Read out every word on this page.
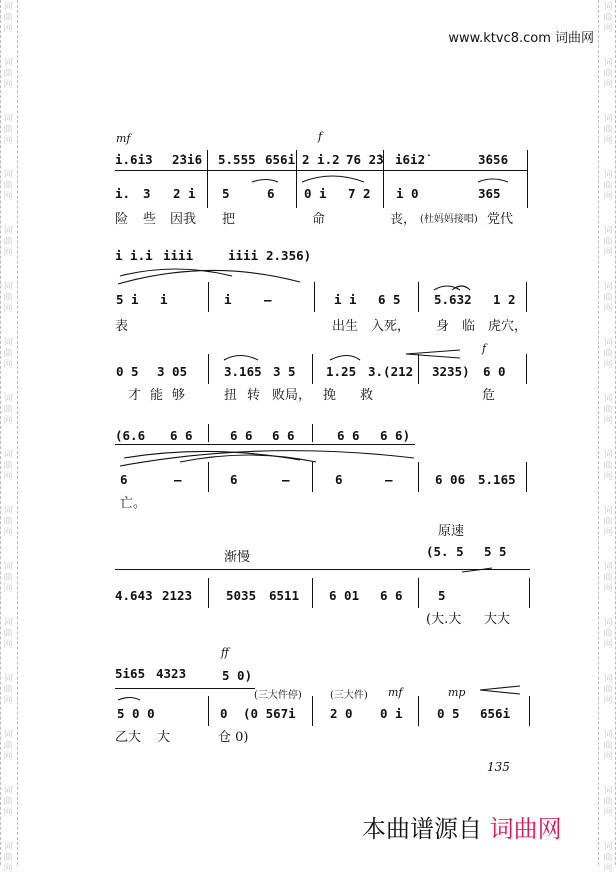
词
曲
网
词
曲
网
词
曲
网
词
曲
网
词
曲
网
词
曲
网
词
曲
网
词
曲
网
词
曲
网
词
曲
网
词
曲
网
词
曲
网
词
曲
网
词
曲
网
词
曲
网
词
曲
网
词
曲
网
词
曲
网
词
曲
网
词
曲
网
词
曲
网
词
曲
网
词
曲
网
词
曲
网
词
曲
网
词
曲
网
词
曲
网
词
曲
网
词
曲
网
词
曲
网
词
曲
网
词
曲
网
www.ktvc8.com 词曲网
mf	f
i.6i3 2̇3i6 5.555 656i 2 i.2 76 2̇3 i6i2̇	3̇656
i. 3 2 i 5	6 0 i 7 2 i 0	365
险 些 因我 把	命	丧， (杜妈妈接唱) 党代
i i.i iiii	iiii 2.356)
5 i i	i	–	i i 6 5	5.632 1 2
表	出生 入死， 身 临 虎穴，
f
0 5 3 05	3.165 3 5 1.25 3.(212 3235) 6 0
才 能 够	扭 转 败局， 挽 救	危
(6.6 6 6	6 6 6 6	6 6 6 6)
6	–	6	–	6	–	6 06 5.165
亡。
原速
渐慢	(5. 5 5 5
4.643 2123	5035 6511 6 01 6 6	5
(大.大 大大
ff
5i65 4323	5 0)
(三大件停)	(三大件) mf	mp
5 0 0	0 (0 567i	2 0 0 i	0 5 656i
乙大 大	仓 0)
135
本曲谱源自 词曲网
